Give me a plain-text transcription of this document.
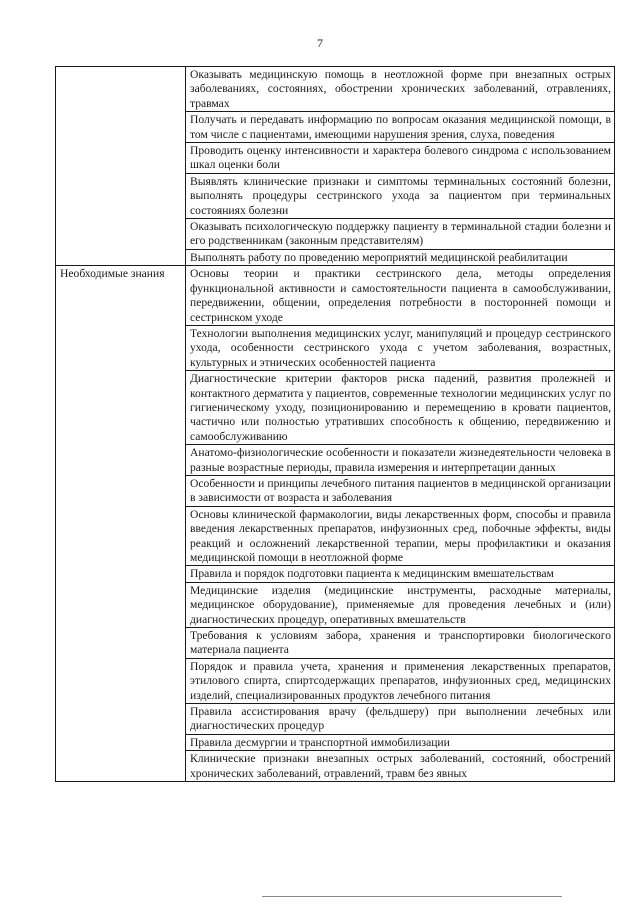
7
	Оказывать медицинскую помощь в неотложной форме при внезапных острых заболеваниях, состояниях, обострении хронических заболеваний, отравлениях, травмах
	Получать и передавать информацию по вопросам оказания медицинской помощи, в том числе с пациентами, имеющими нарушения зрения, слуха, поведения
	Проводить оценку интенсивности и характера болевого синдрома с использованием шкал оценки боли
	Выявлять клинические признаки и симптомы терминальных состояний болезни, выполнять процедуры сестринского ухода за пациентом при терминальных состояниях болезни
	Оказывать психологическую поддержку пациенту в терминальной стадии болезни и его родственникам (законным представителям)
	Выполнять работу по проведению мероприятий медицинской реабилитации
Необходимые знания	Основы теории и практики сестринского дела, методы определения функциональной активности и самостоятельности пациента в самообслуживании, передвижении, общении, определения потребности в посторонней помощи и сестринском уходе
	Технологии выполнения медицинских услуг, манипуляций и процедур сестринского ухода, особенности сестринского ухода с учетом заболевания, возрастных, культурных и этнических особенностей пациента
	Диагностические критерии факторов риска падений, развития пролежней и контактного дерматита у пациентов, современные технологии медицинских услуг по гигиеническому уходу, позиционированию и перемещению в кровати пациентов, частично или полностью утративших способность к общению, передвижению и самообслуживанию
	Анатомо-физиологические особенности и показатели жизнедеятельности человека в разные возрастные периоды, правила измерения и интерпретации данных
	Особенности и принципы лечебного питания пациентов в медицинской организации в зависимости от возраста и заболевания
	Основы клинической фармакологии, виды лекарственных форм, способы и правила введения лекарственных препаратов, инфузионных сред, побочные эффекты, виды реакций и осложнений лекарственной терапии, меры профилактики и оказания медицинской помощи в неотложной форме
	Правила и порядок подготовки пациента к медицинским вмешательствам
	Медицинские изделия (медицинские инструменты, расходные материалы, медицинское оборудование), применяемые для проведения лечебных и (или) диагностических процедур, оперативных вмешательств
	Требования к условиям забора, хранения и транспортировки биологического материала пациента
	Порядок и правила учета, хранения и применения лекарственных препаратов, этилового спирта, спиртсодержащих препаратов, инфузионных сред, медицинских изделий, специализированных продуктов лечебного питания
	Правила ассистирования врачу (фельдшеру) при выполнении лечебных или диагностических процедур
	Правила десмургии и транспортной иммобилизации
	Клинические признаки внезапных острых заболеваний, состояний, обострений хронических заболеваний, отравлений, травм без явных
